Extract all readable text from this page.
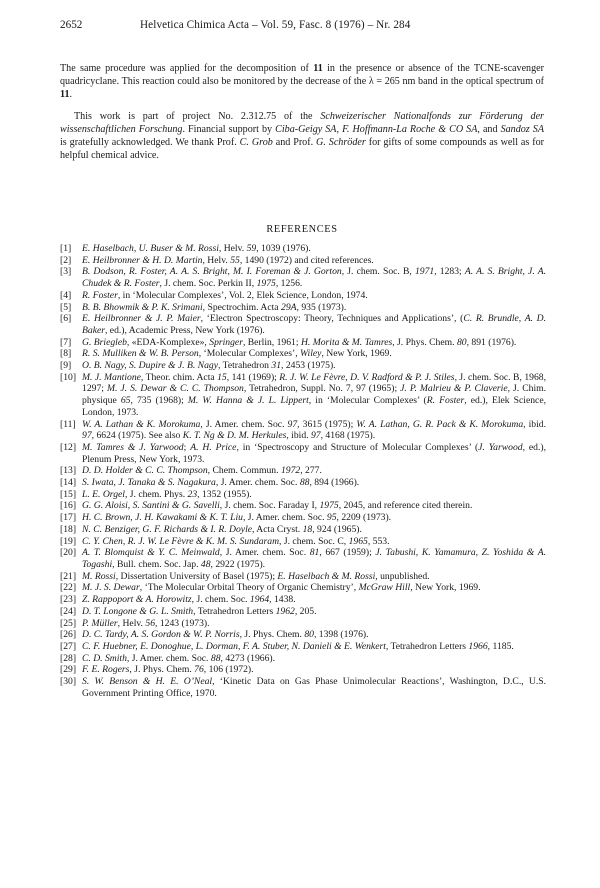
2652	Helvetica Chimica Acta – Vol. 59, Fasc. 8 (1976) – Nr. 284

The same procedure was applied for the decomposition of 11 in the presence or absence of the TCNE-scavenger quadricyclane. This reaction could also be monitored by the decrease of the λ = 265 nm band in the optical spectrum of 11.

This work is part of project No. 2.312.75 of the Schweizerischer Nationalfonds zur Förderung der wissenschaftlichen Forschung. Financial support by Ciba-Geigy SA, F. Hoffmann-La Roche & CO SA, and Sandoz SA is gratefully acknowledged. We thank Prof. C. Grob and Prof. G. Schröder for gifts of some compounds as well as for helpful chemical advice.

REFERENCES
[1]	E. Haselbach, U. Buser & M. Rossi, Helv. 59, 1039 (1976).
[2]	E. Heilbronner & H. D. Martin, Helv. 55, 1490 (1972) and cited references.
[3]	B. Dodson, R. Foster, A. A. S. Bright, M. I. Foreman & J. Gorton, J. chem. Soc. B, 1971, 1283; A. A. S. Bright, J. A. Chudek & R. Foster, J. chem. Soc. Perkin II, 1975, 1256.
[4]	R. Foster, in ‘Molecular Complexes’, Vol. 2, Elek Science, London, 1974.
[5]	B. B. Bhowmik & P. K. Srimani, Spectrochim. Acta 29A, 935 (1973).
[6]	E. Heilbronner & J. P. Maier, ‘Electron Spectroscopy: Theory, Techniques and Applications’, (C. R. Brundle, A. D. Baker, ed.), Academic Press, New York (1976).
[7]	G. Briegleb, «EDA-Komplexe», Springer, Berlin, 1961; H. Morita & M. Tamres, J. Phys. Chem. 80, 891 (1976).
[8]	R. S. Mulliken & W. B. Person, ‘Molecular Complexes’, Wiley, New York, 1969.
[9]	O. B. Nagy, S. Dupire & J. B. Nagy, Tetrahedron 31, 2453 (1975).
[10] M. J. Mantione, Theor. chim. Acta 15, 141 (1969); R. J. W. Le Fèvre, D. V. Radford & P. J. Stiles, J. chem. Soc. B, 1968, 1297; M. J. S. Dewar & C. C. Thompson, Tetrahedron, Suppl. No. 7, 97 (1965); J. P. Malrieu & P. Claverie, J. Chim. physique 65, 735 (1968); M. W. Hanna & J. L. Lippert, in ‘Molecular Complexes’ (R. Foster, ed.), Elek Science, London, 1973.
[11] W. A. Lathan & K. Morokuma, J. Amer. chem. Soc. 97, 3615 (1975); W. A. Lathan, G. R. Pack & K. Morokuma, ibid. 97, 6624 (1975). See also K. T. Ng & D. M. Herkules, ibid. 97, 4168 (1975).
[12] M. Tamres & J. Yarwood; A. H. Price, in ‘Spectroscopy and Structure of Molecular Complexes’ (J. Yarwood, ed.), Plenum Press, New York, 1973.
[13] D. D. Holder & C. C. Thompson, Chem. Commun. 1972, 277.
[14] S. Iwata, J. Tanaka & S. Nagakura, J. Amer. chem. Soc. 88, 894 (1966).
[15] L. E. Orgel, J. chem. Phys. 23, 1352 (1955).
[16] G. G. Aloisi, S. Santini & G. Savelli, J. chem. Soc. Faraday I, 1975, 2045, and reference cited therein.
[17] H. C. Brown, J. H. Kawakami & K. T. Liu, J. Amer. chem. Soc. 95, 2209 (1973).
[18] N. C. Benziger, G. F. Richards & I. R. Doyle, Acta Cryst. 18, 924 (1965).
[19] C. Y. Chen, R. J. W. Le Fèvre & K. M. S. Sundaram, J. chem. Soc. C, 1965, 553.
[20] A. T. Blomquist & Y. C. Meinwald, J. Amer. chem. Soc. 81, 667 (1959); J. Tabushi, K. Yamamura, Z. Yoshida & A. Togashi, Bull. chem. Soc. Jap. 48, 2922 (1975).
[21] M. Rossi, Dissertation University of Basel (1975); E. Haselbach & M. Rossi, unpublished.
[22] M. J. S. Dewar, ‘The Molecular Orbital Theory of Organic Chemistry’, McGraw Hill, New York, 1969.
[23] Z. Rappoport & A. Horowitz, J. chem. Soc. 1964, 1438.
[24] D. T. Longone & G. L. Smith, Tetrahedron Letters 1962, 205.
[25] P. Müller, Helv. 56, 1243 (1973).
[26] D. C. Tardy, A. S. Gordon & W. P. Norris, J. Phys. Chem. 80, 1398 (1976).
[27] C. F. Huebner, E. Donoghue, L. Dorman, F. A. Stuber, N. Danieli & E. Wenkert, Tetrahedron Letters 1966, 1185.
[28] C. D. Smith, J. Amer. chem. Soc. 88, 4273 (1966).
[29] F. E. Rogers, J. Phys. Chem. 76, 106 (1972).
[30] S. W. Benson & H. E. O’Neal, ‘Kinetic Data on Gas Phase Unimolecular Reactions’, Washington, D.C., U.S. Government Printing Office, 1970.
